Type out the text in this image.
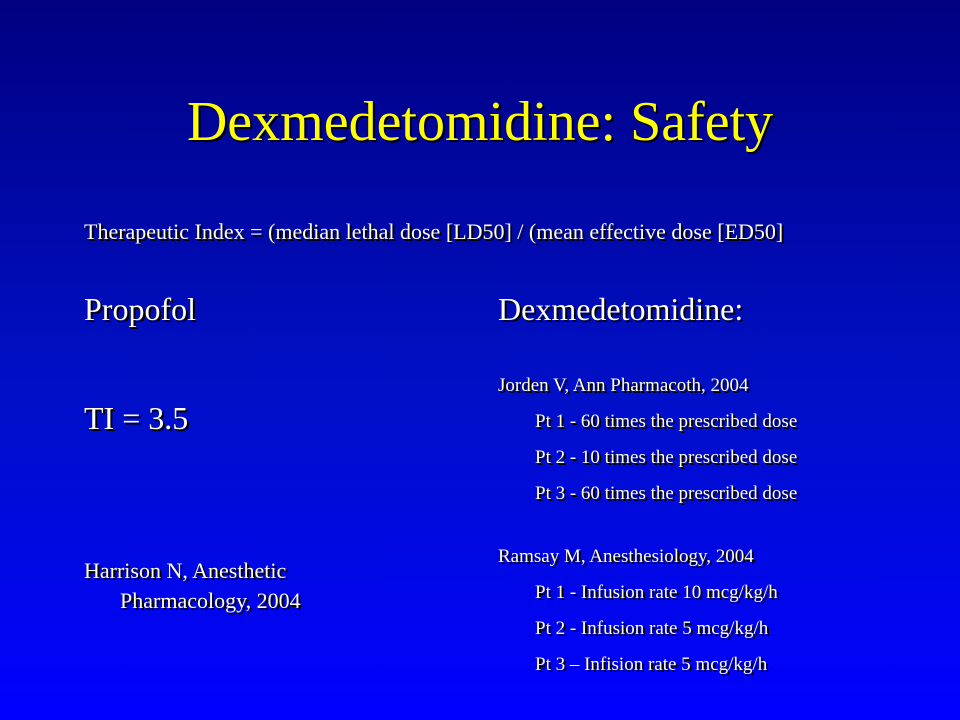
Dexmedetomidine: Safety
Therapeutic Index = (median lethal dose [LD50] / (mean effective dose [ED50]
Propofol
TI = 3.5
Harrison N, Anesthetic
Pharmacology, 2004
Dexmedetomidine:
Jorden V, Ann Pharmacoth, 2004
Pt 1 - 60 times the prescribed dose
Pt 2 - 10 times the prescribed dose
Pt 3 - 60 times the prescribed dose
Ramsay M, Anesthesiology, 2004
Pt 1 - Infusion rate 10 mcg/kg/h
Pt 2 - Infusion rate 5 mcg/kg/h
Pt 3 – Infision rate 5 mcg/kg/h
